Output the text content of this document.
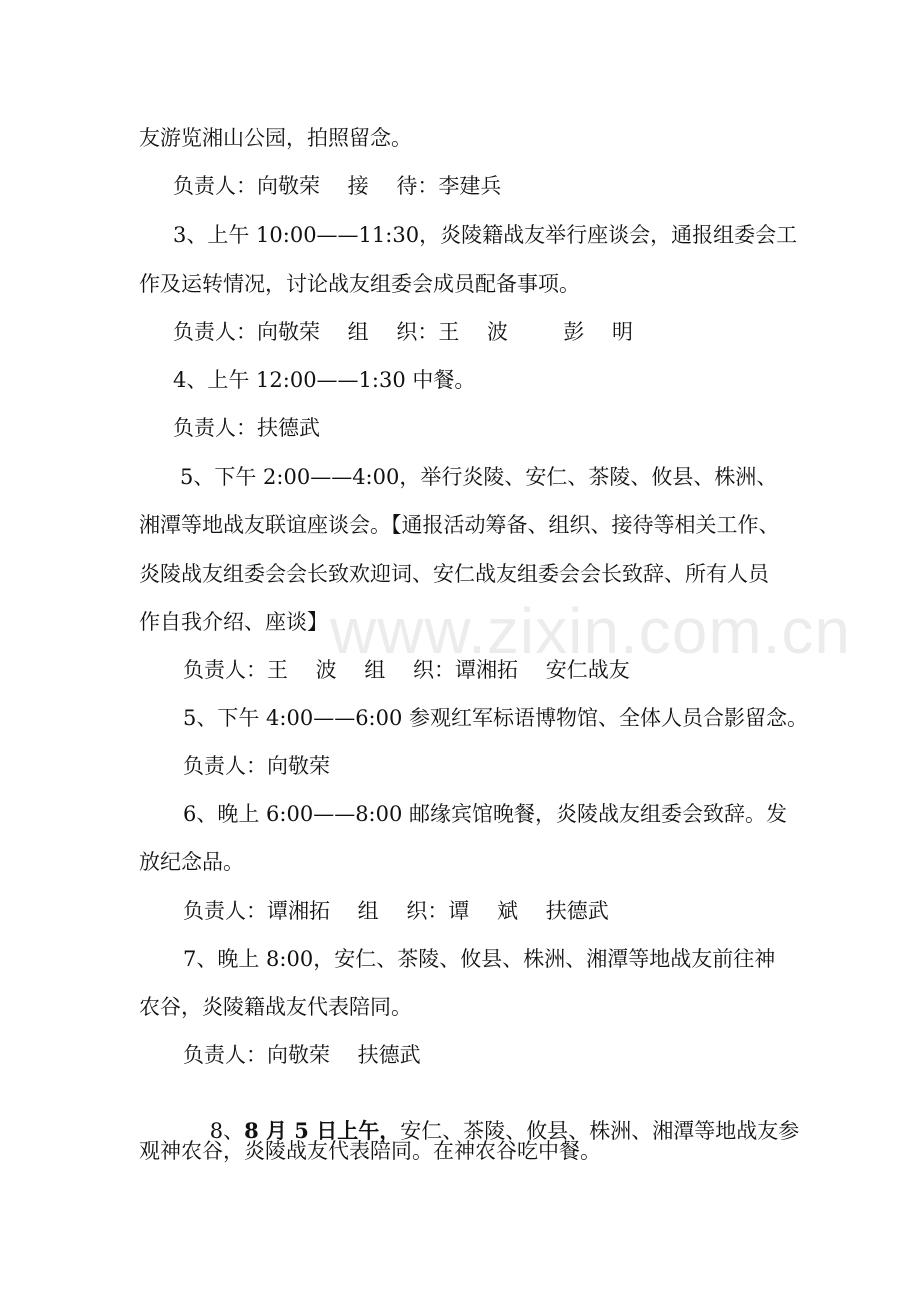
www.zixin.com.cn
友游览湘山公园，拍照留念。
负责人：向敬荣　 接　 待：李建兵
3、上午 10:00——11:30，炎陵籍战友举行座谈会，通报组委会工
作及运转情况，讨论战友组委会成员配备事项。
负责人：向敬荣　 组　 织：王　 波　 　 彭　 明
4、上午 12:00——1:30 中餐。
负责人：扶德武
5、下午 2:00——4:00，举行炎陵、安仁、茶陵、攸县、株洲、
湘潭等地战友联谊座谈会。【通报活动筹备、组织、接待等相关工作、
炎陵战友组委会会长致欢迎词、安仁战友组委会会长致辞、所有人员
作自我介绍、座谈】
负责人：王　 波　 组　 织：谭湘拓　 安仁战友
5、下午 4:00——6:00 参观红军标语博物馆、全体人员合影留念。
负责人：向敬荣
6、晚上 6:00——8:00 邮缘宾馆晚餐，炎陵战友组委会致辞。发
放纪念品。
负责人：谭湘拓　 组　 织：谭　 斌　 扶德武
7、晚上 8:00，安仁、茶陵、攸县、株洲、湘潭等地战友前往神
农谷，炎陵籍战友代表陪同。
负责人：向敬荣　 扶德武

8、8 月 5 日上午，安仁、茶陵、攸县、株洲、湘潭等地战友参

观神农谷，炎陵战友代表陪同。在神农谷吃中餐。
